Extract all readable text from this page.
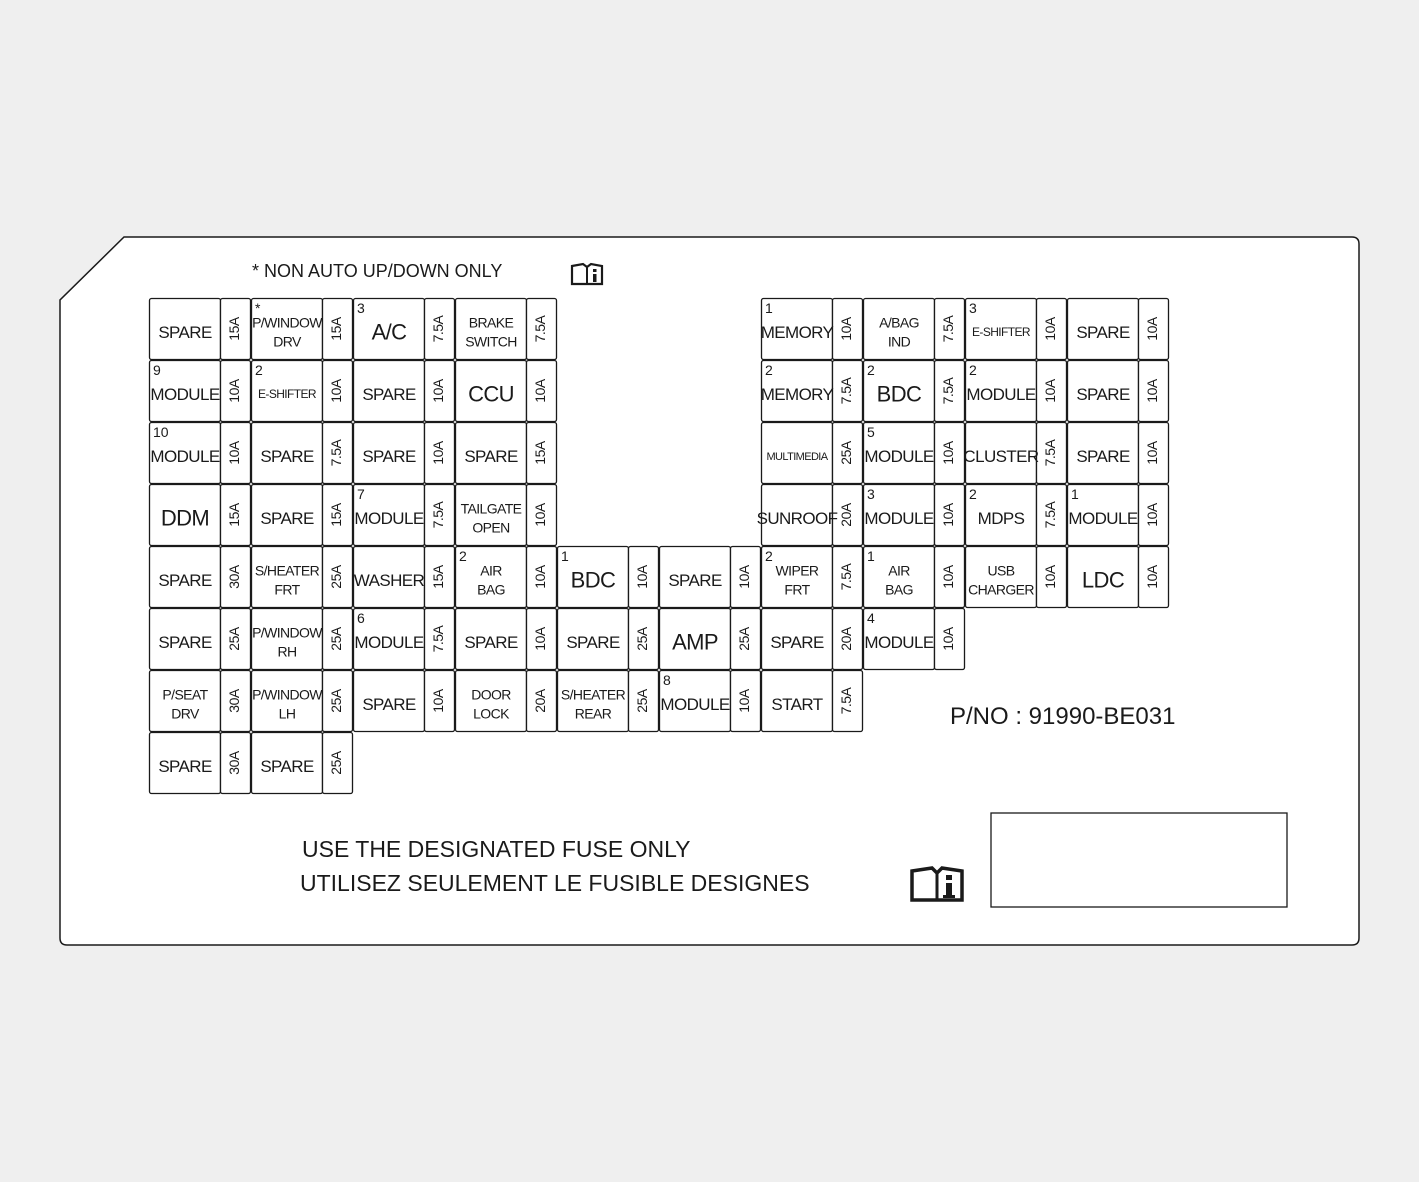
* NON AUTO UP/DOWN ONLY
SPARE 15A
*
P/WINDOW
DRV
15A
3
A/C 7.5A BRAKE
SWITCH 7.5A
1
MEMORY 10A A/BAG
IND 7.5A
3
E-SHIFTER 10A SPARE 10A
9
MODULE 10A
2
E-SHIFTER 10A SPARE 10A CCU 10A
2
MEMORY 7.5A
2
BDC 7.5A
2
MODULE 10A SPARE 10A
10
MODULE 10A SPARE 7.5A SPARE 10A SPARE 15A	MULTIMEDIA 25A
5
MODULE 10A CLUSTER 7.5A SPARE 10A
DDM 15A SPARE 15A
7
MODULE 7.5A TAILGATE
OPEN
10A	SUNROOF 20A
3
MODULE 10A
2
MDPS 7.5A
1
MODULE 10A
SPARE 30A S/HEATER
FRT
25A WASHER 15A
2
AIR
BAG
10A
1
BDC 10A SPARE 10A
2
WIPER
FRT 7.5A
1
AIR
BAG
10A USB
CHARGER
10A LDC 10A
SPARE 25A P/WINDOW
RH
25A
6
MODULE 7.5A SPARE 10A SPARE 25A AMP 25A SPARE 20A
4
MODULE 10A
P/SEAT
DRV
30A P/WINDOW
LH
25A SPARE 10A DOOR
LOCK
20A S/HEATER
REAR
25A
8
MODULE 10A START 7.5A
SPARE 30A SPARE 25A
P/NO : 91990-BE031
USE THE DESIGNATED FUSE ONLY
UTILISEZ SEULEMENT LE FUSIBLE DESIGNES
